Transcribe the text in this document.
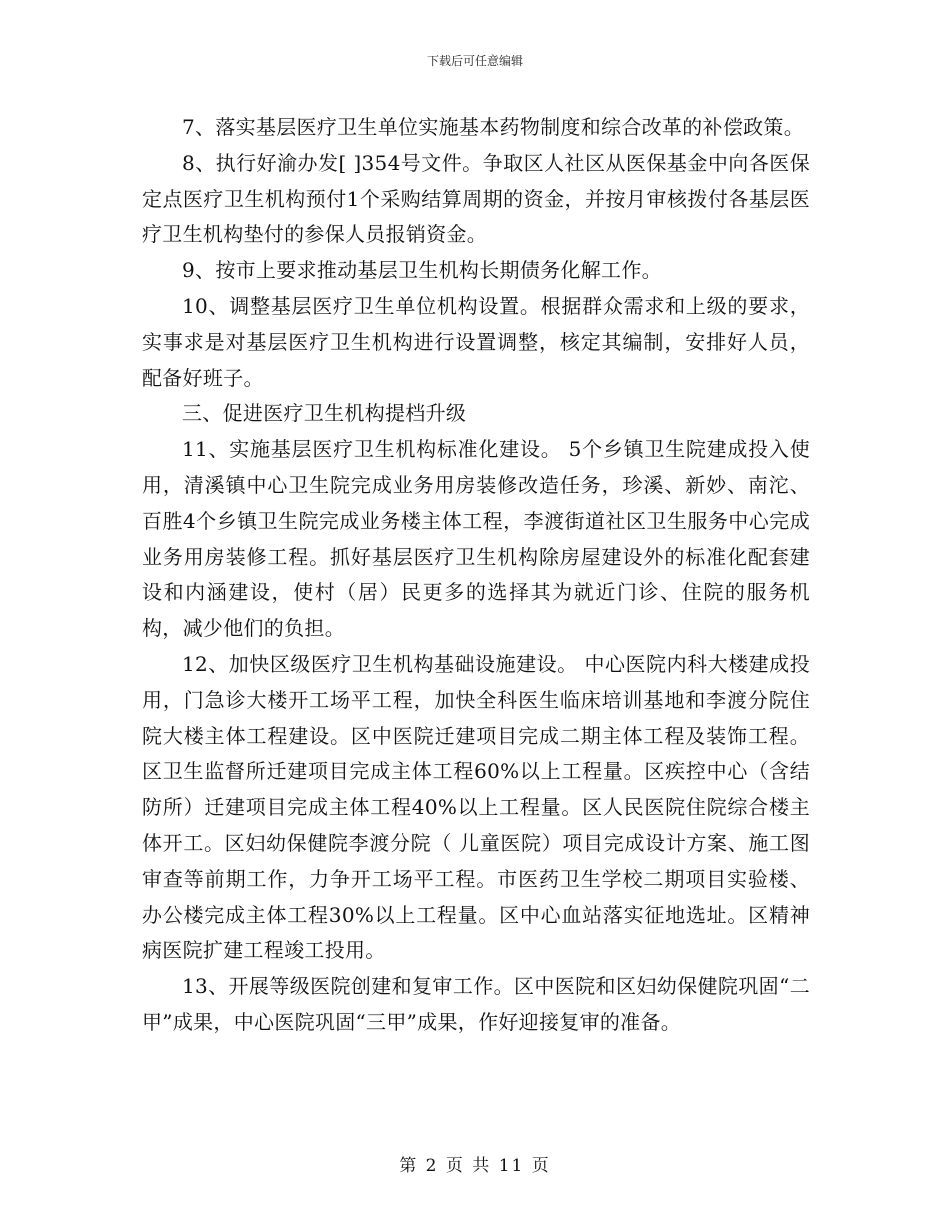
下载后可任意编辑

7、落实基层医疗卫生单位实施基本药物制度和综合改革的补偿政策。

8、执行好渝办发[ ]354号文件。争取区人社区从医保基金中向各医保定点医疗卫生机构预付1个采购结算周期的资金，并按月审核拨付各基层医疗卫生机构垫付的参保人员报销资金。

9、按市上要求推动基层卫生机构长期债务化解工作。

10、调整基层医疗卫生单位机构设置。根据群众需求和上级的要求，实事求是对基层医疗卫生机构进行设置调整，核定其编制，安排好人员，配备好班子。

三、促进医疗卫生机构提档升级

11、实施基层医疗卫生机构标准化建设。 5个乡镇卫生院建成投入使用，清溪镇中心卫生院完成业务用房装修改造任务，珍溪、新妙、南沱、百胜4个乡镇卫生院完成业务楼主体工程，李渡街道社区卫生服务中心完成业务用房装修工程。抓好基层医疗卫生机构除房屋建设外的标准化配套建设和内涵建设，使村（居）民更多的选择其为就近门诊、住院的服务机构，减少他们的负担。

12、加快区级医疗卫生机构基础设施建设。 中心医院内科大楼建成投用，门急诊大楼开工场平工程，加快全科医生临床培训基地和李渡分院住院大楼主体工程建设。区中医院迁建项目完成二期主体工程及装饰工程。区卫生监督所迁建项目完成主体工程60%以上工程量。区疾控中心（含结防所）迁建项目完成主体工程40%以上工程量。区人民医院住院综合楼主体开工。区妇幼保健院李渡分院（ 儿童医院）项目完成设计方案、施工图审查等前期工作，力争开工场平工程。市医药卫生学校二期项目实验楼、办公楼完成主体工程30%以上工程量。区中心血站落实征地选址。区精神病医院扩建工程竣工投用。

13、开展等级医院创建和复审工作。区中医院和区妇幼保健院巩固“二甲”成果，中心医院巩固“三甲”成果，作好迎接复审的准备。

第 2 页 共 11 页
